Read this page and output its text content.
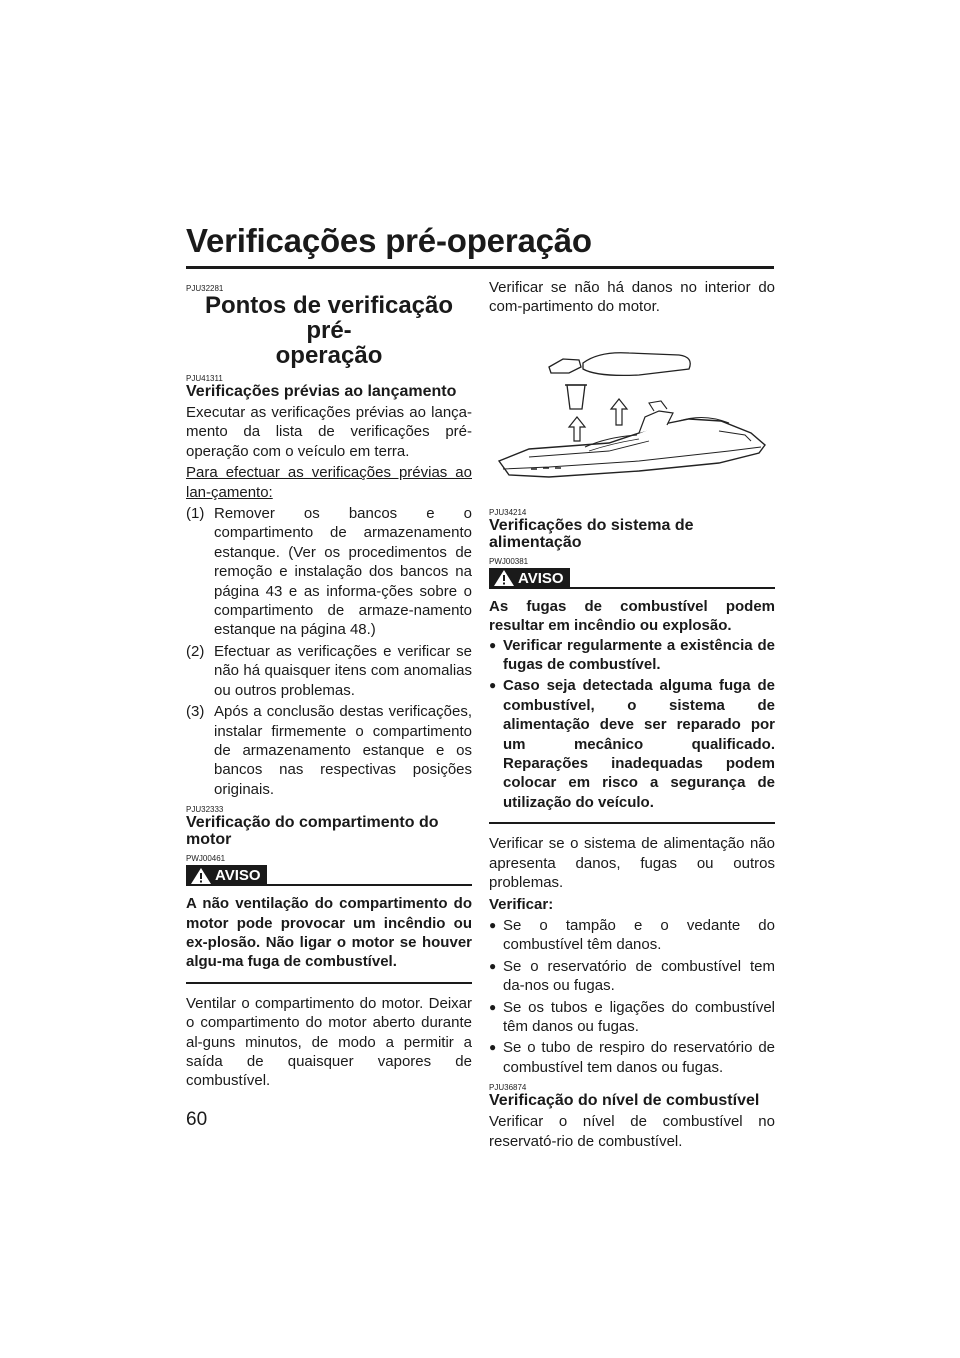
Verificações pré-operação
PJU32281
Pontos de verificação pré-
operação
PJU41311
Verificações prévias ao lançamento
Executar as verificações prévias ao lança-mento da lista de verificações pré-operação com o veículo em terra.
Para efectuar as verificações prévias ao lan-çamento:
(1) Remover os bancos e o compartimento de armazenamento estanque. (Ver os procedimentos de remoção e instalação dos bancos na página 43 e as informa-ções sobre o compartimento de armaze-namento estanque na página 48.)
(2) Efectuar as verificações e verificar se não há quaisquer itens com anomalias ou outros problemas.
(3) Após a conclusão destas verificações, instalar firmemente o compartimento de armazenamento estanque e os bancos nas respectivas posições originais.
PJU32333
Verificação do compartimento do motor
PWJ00461
AVISO
A não ventilação do compartimento do motor pode provocar um incêndio ou ex-plosão. Não ligar o motor se houver algu-ma fuga de combustível.
Ventilar o compartimento do motor. Deixar o compartimento do motor aberto durante al-guns minutos, de modo a permitir a saída de quaisquer vapores de combustível.
Verificar se não há danos no interior do com-partimento do motor.
PJU34214
Verificações do sistema de alimentação
PWJ00381
AVISO
As fugas de combustível podem resultar em incêndio ou explosão.
● Verificar regularmente a existência de fugas de combustível.
● Caso seja detectada alguma fuga de combustível, o sistema de alimentação deve ser reparado por um mecânico qualificado. Reparações inadequadas podem colocar em risco a segurança de utilização do veículo.
Verificar se o sistema de alimentação não apresenta danos, fugas ou outros problemas.
Verificar:
● Se o tampão e o vedante do combustível têm danos.
● Se o reservatório de combustível tem da-nos ou fugas.
● Se os tubos e ligações do combustível têm danos ou fugas.
● Se o tubo de respiro do reservatório de combustível tem danos ou fugas.
PJU36874
Verificação do nível de combustível
Verificar o nível de combustível no reservató-rio de combustível.
60
